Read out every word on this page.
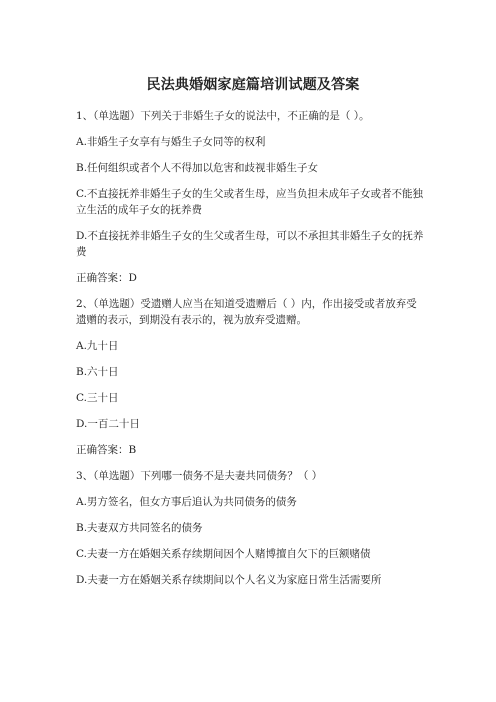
民法典婚姻家庭篇培训试题及答案
1、（单选题）下列关于非婚生子女的说法中，不正确的是（ ）。
A.非婚生子女享有与婚生子女同等的权利
B.任何组织或者个人不得加以危害和歧视非婚生子女
C.不直接抚养非婚生子女的生父或者生母，应当负担未成年子女或者不能独立生活的成年子女的抚养费
D.不直接抚养非婚生子女的生父或者生母，可以不承担其非婚生子女的抚养费
正确答案：D
2、（单选题）受遗赠人应当在知道受遗赠后（ ）内，作出接受或者放弃受遗赠的表示，到期没有表示的，视为放弃受遗赠。
A.九十日
B.六十日
C.三十日
D.一百二十日
正确答案：B
3、（单选题）下列哪一债务不是夫妻共同债务？（ ）
A.男方签名，但女方事后追认为共同债务的债务
B.夫妻双方共同签名的债务
C.夫妻一方在婚姻关系存续期间因个人赌博擅自欠下的巨额赌债
D.夫妻一方在婚姻关系存续期间以个人名义为家庭日常生活需要所
